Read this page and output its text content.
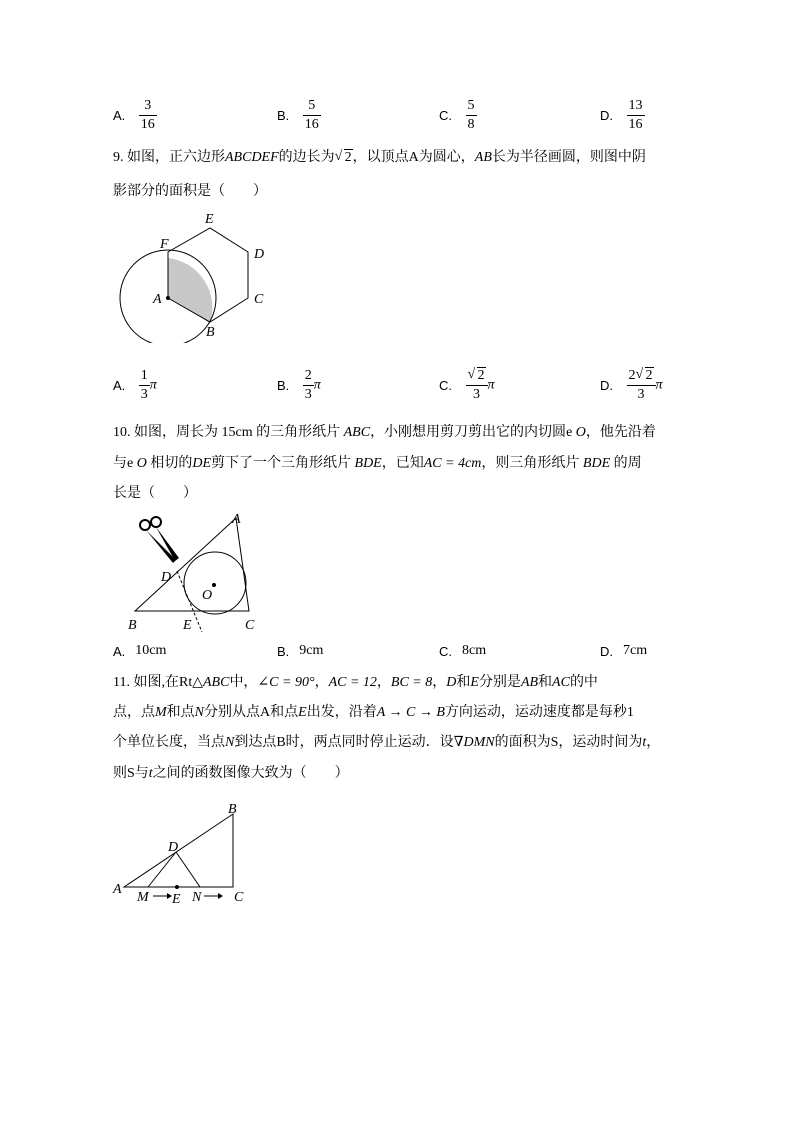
A. $\frac{3}{16}$	B. $\frac{5}{16}$	C. $\frac{5}{8}$	D. $\frac{13}{16}$
9. 如图，正六边形ABCDEF的边长为 √ 2，以顶点A为圆心，AB长为半径画圆，则图中阴
影部分的面积是（　　）
E
F
D
A	C
B
A. $\frac{1}{3}$ π	B. $\frac{2}{3}$ π	C. $\frac{√ 2}{3}$ π	D. $\frac{2 √ 2}{3}$ π
10. 如图，周长为 15cm 的三角形纸片 ABC，小刚想用剪刀剪出它的内切圆e O，他先沿着
与e O 相切的DE剪下了一个三角形纸片 BDE，已知AC = 4cm，则三角形纸片 BDE 的周
长是（　　）
A
D
O
B	E	C
A. 10cm	B. 9cm	C. 8cm	D. 7cm
11. 如图,在Rt△ABC中，∠C = 90°，AC = 12，BC = 8，D和E分别是AB和AC的中
点，点M和点N分别从点A和点E出发，沿着A → C → B方向运动，运动速度都是每秒1
个单位长度，当点N到达点B时，两点同时停止运动．设∇DMN的面积为S，运动时间为t，
则S与t之间的函数图像大致为（　　）
B
D
A
M E N C
